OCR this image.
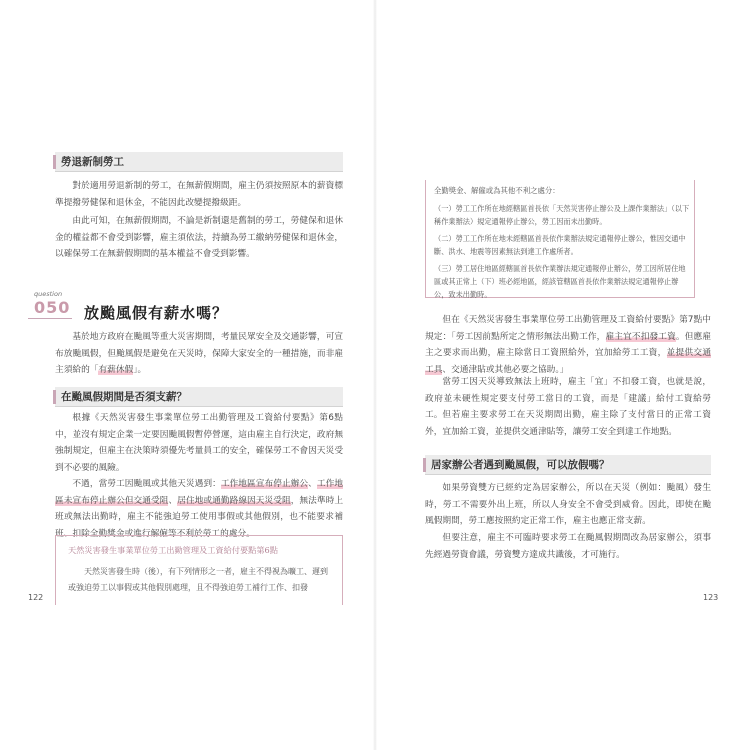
勞退新制勞工

對於適用勞退新制的勞工，在無薪假期間，雇主仍須按照原本的薪資標準提撥勞健保和退休金，不能因此改變提撥級距。

由此可知，在無薪假期間，不論是新制還是舊制的勞工，勞健保和退休金的權益都不會受到影響，雇主須依法，持續為勞工繳納勞健保和退休金，以確保勞工在無薪假期間的基本權益不會受到影響。

question
050 放颱風假有薪水嗎？

基於地方政府在颱風等重大災害期間，考量民眾安全及交通影響，可宣布放颱風假，但颱風假是避免在天災時，保障大家安全的一種措施，而非雇主須給的「有薪休假」。

在颱風假期間是否須支薪？

根據《天然災害發生事業單位勞工出勤管理及工資給付要點》第6點中，並沒有規定企業一定要因颱風假暫停營運，這由雇主自行決定，政府無強制規定，但雇主在決策時須優先考量員工的安全，確保勞工不會因天災受到不必要的風險。

不過，當勞工因颱風或其他天災遇到：工作地區宣布停止辦公、工作地區未宣布停止辦公但交通受阻、居住地或通勤路線因天災受阻，無法準時上班或無法出勤時，雇主不能強迫勞工使用事假或其他假別，也不能要求補班、扣除全勤獎金或進行解僱等不利於勞工的處分。

天然災害發生事業單位勞工出勤管理及工資給付要點第6點

天然災害發生時（後），有下列情形之一者，雇主不得視為曠工、遲到或強迫勞工以事假或其他假別處理，且不得強迫勞工補行工作、扣發

122
全勤獎金、解僱或為其他不利之處分：

（一）勞工工作所在地經轄區首長依「天然災害停止辦公及上課作業辦法」（以下稱作業辦法）規定通報停止辦公，勞工因而未出勤時。

（二）勞工工作所在地未經轄區首長依作業辦法規定通報停止辦公，惟因交通中斷、洪水、地震等因素無法到達工作處所者。

（三）勞工居住地區經轄區首長依作業辦法規定通報停止辦公，勞工因所居住地區或其正常上（下）班必經地區，經該管轄區首長依作業辦法規定通報停止辦公，致未出勤時。

但在《天然災害發生事業單位勞工出勤管理及工資給付要點》第7點中規定：「勞工因前點所定之情形無法出勤工作，雇主宜不扣發工資。但應雇主之要求而出勤，雇主除當日工資照給外，宜加給勞工工資，並提供交通工具、交通津貼或其他必要之協助。」

當勞工因天災導致無法上班時，雇主「宜」不扣發工資，也就是說，政府並未硬性規定要支付勞工當日的工資，而是「建議」給付工資給勞工。 但若雇主要求勞工在天災期間出勤，雇主除了支付當日的正常工資外，宜加給工資，並提供交通津貼等，讓勞工安全到達工作地點。

居家辦公者遇到颱風假，可以放假嗎？

如果勞資雙方已經約定為居家辦公，所以在天災（例如：颱風）發生時，勞工不需要外出上班，所以人身安全不會受到威脅。因此，即使在颱風假期間，勞工應按照約定正常工作，雇主也應正常支薪。

但要注意，雇主不可臨時要求勞工在颱風假期間改為居家辦公，須事先經過勞資會議，勞資雙方達成共識後，才可施行。

123
